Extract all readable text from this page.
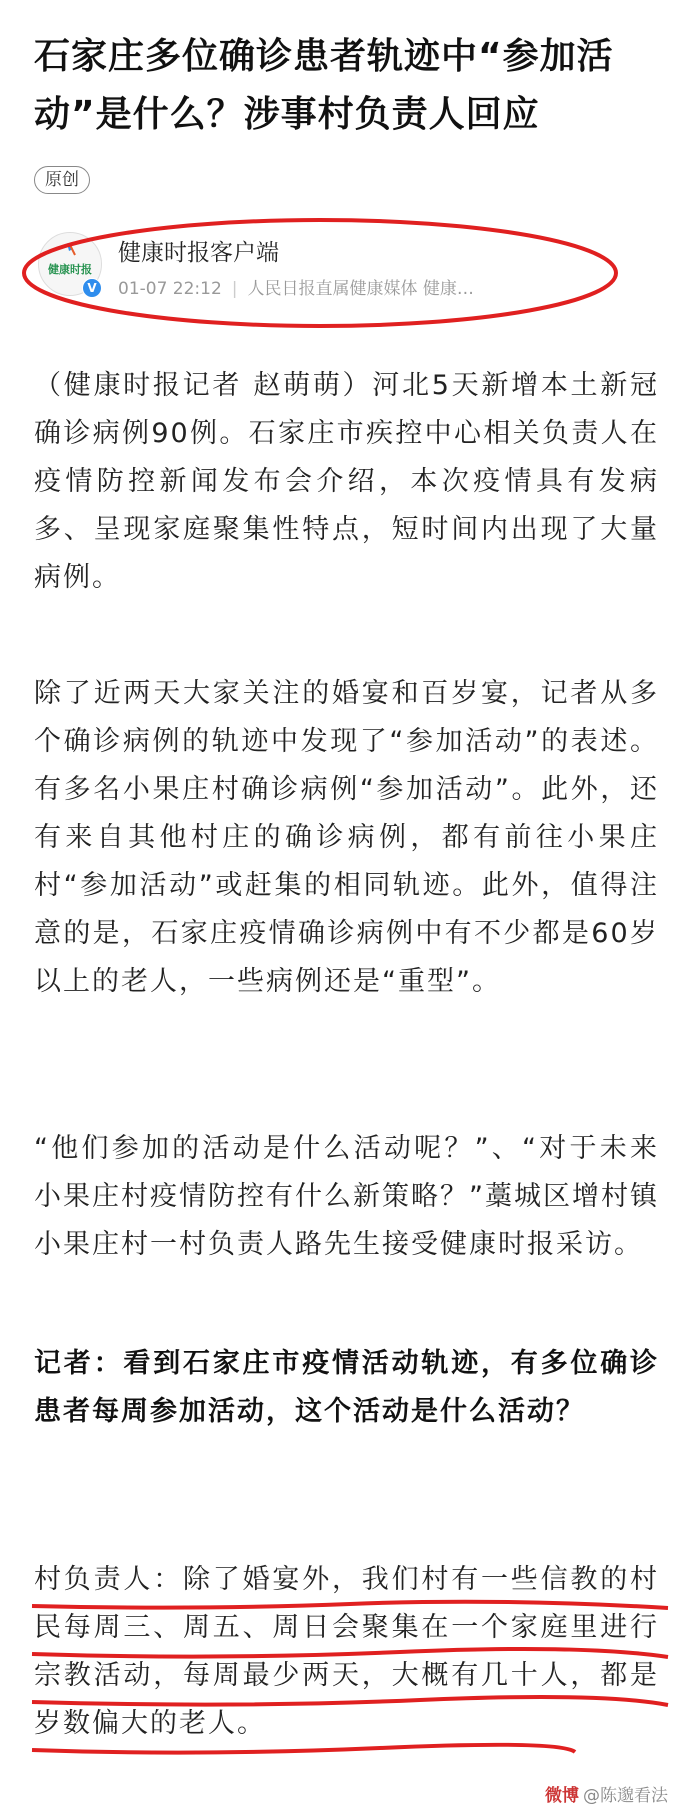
石家庄多位确诊患者轨迹中“参加活动”是什么？涉事村负责人回应
原创
健康时报
V
健康时报客户端
01-07 22:12 | 人民日报直属健康媒体 健康…
（健康时报记者 赵萌萌）河北5天新增本土新冠确诊病例90例。石家庄市疾控中心相关负责人在疫情防控新闻发布会介绍，本次疫情具有发病多、呈现家庭聚集性特点，短时间内出现了大量病例。
除了近两天大家关注的婚宴和百岁宴，记者从多个确诊病例的轨迹中发现了“参加活动”的表述。有多名小果庄村确诊病例“参加活动”。此外，还有来自其他村庄的确诊病例，都有前往小果庄村“参加活动”或赶集的相同轨迹。此外，值得注意的是，石家庄疫情确诊病例中有不少都是60岁以上的老人，一些病例还是“重型”。
“他们参加的活动是什么活动呢？”、“对于未来小果庄村疫情防控有什么新策略？”藁城区增村镇小果庄村一村负责人路先生接受健康时报采访。
记者：看到石家庄市疫情活动轨迹，有多位确诊患者每周参加活动，这个活动是什么活动？
村负责人：除了婚宴外，我们村有一些信教的村民每周三、周五、周日会聚集在一个家庭里进行宗教活动，每周最少两天，大概有几十人，都是岁数偏大的老人。
微博 @陈邈看法
